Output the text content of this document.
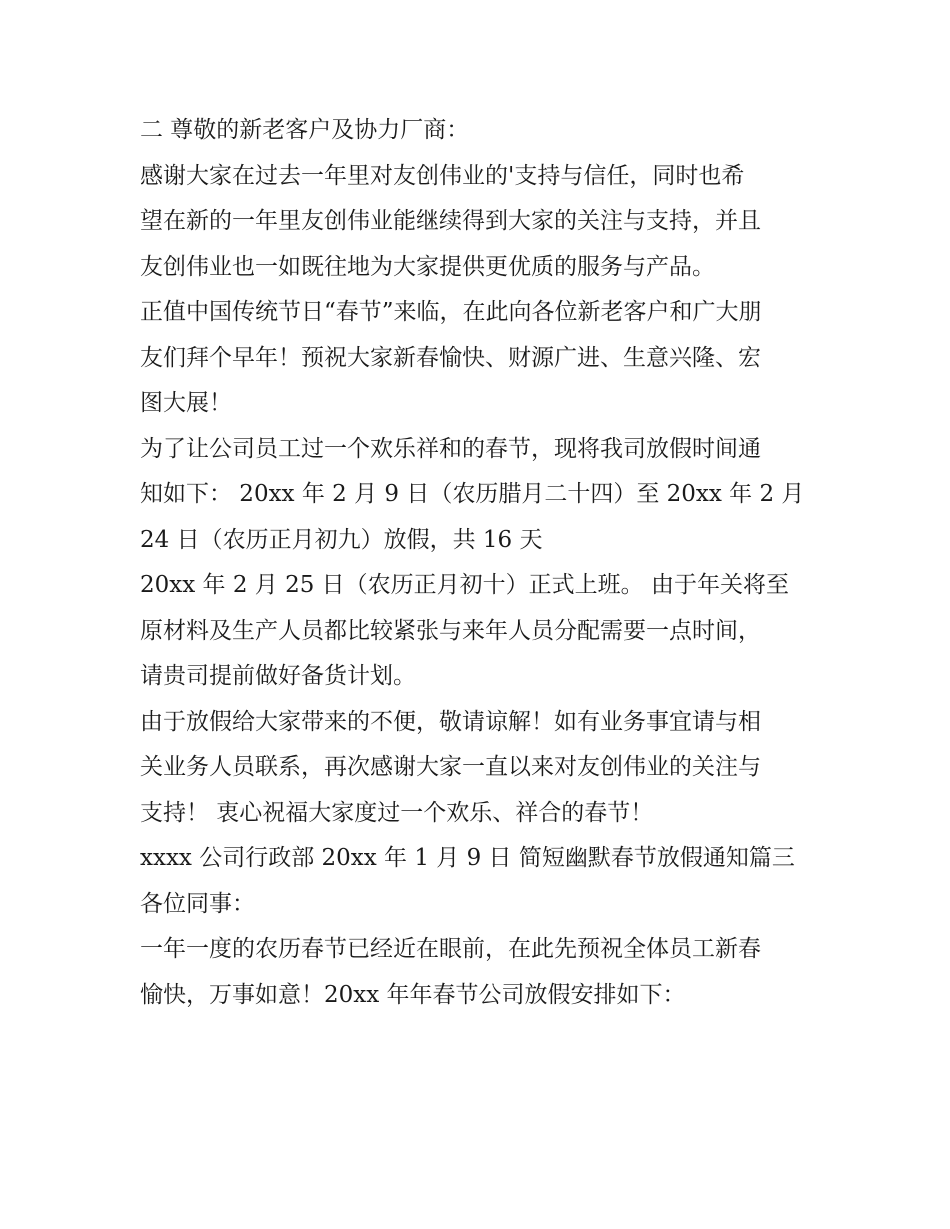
二 尊敬的新老客户及协力厂商：
感谢大家在过去一年里对友创伟业的'支持与信任，同时也希
望在新的一年里友创伟业能继续得到大家的关注与支持，并且
友创伟业也一如既往地为大家提供更优质的服务与产品。
正值中国传统节日“春节”来临，在此向各位新老客户和广大朋
友们拜个早年！预祝大家新春愉快、财源广进、生意兴隆、宏
图大展！
为了让公司员工过一个欢乐祥和的春节，现将我司放假时间通
知如下： 20xx 年 2 月 9 日（农历腊月二十四）至 20xx 年 2 月
24 日（农历正月初九）放假，共 16 天
20xx 年 2 月 25 日（农历正月初十）正式上班。 由于年关将至
原材料及生产人员都比较紧张与来年人员分配需要一点时间，
请贵司提前做好备货计划。
由于放假给大家带来的不便，敬请谅解！如有业务事宜请与相
关业务人员联系，再次感谢大家一直以来对友创伟业的关注与
支持！ 衷心祝福大家度过一个欢乐、祥合的春节！
xxxx 公司行政部 20xx 年 1 月 9 日 简短幽默春节放假通知篇三
各位同事：
一年一度的农历春节已经近在眼前，在此先预祝全体员工新春
愉快，万事如意！20xx 年年春节公司放假安排如下：
